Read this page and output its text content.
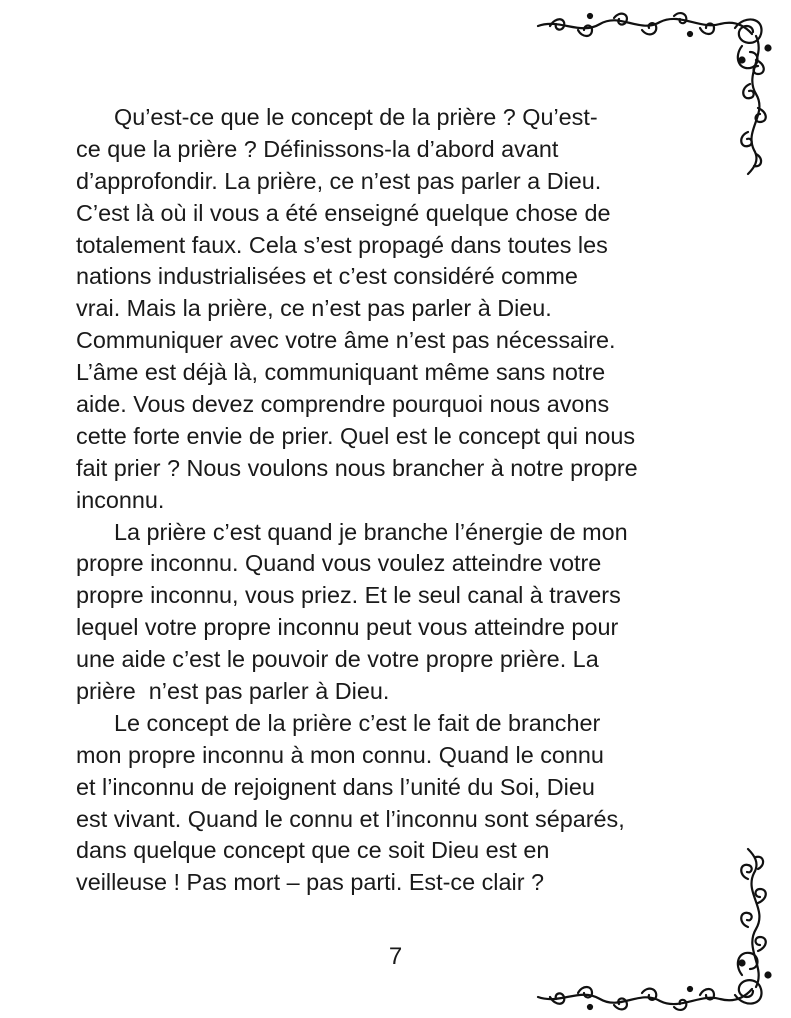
Qu’est-ce que le concept de la prière ? Qu’est-
ce que la prière ? Définissons-la d’abord avant
d’approfondir. La prière, ce n’est pas parler a Dieu.
C’est là où il vous a été enseigné quelque chose de
totalement faux. Cela s’est propagé dans toutes les
nations industrialisées et c’est considéré comme
vrai. Mais la prière, ce n’est pas parler à Dieu.
Communiquer avec votre âme n’est pas nécessaire.
L’âme est déjà là, communiquant même sans notre
aide. Vous devez comprendre pourquoi nous avons
cette forte envie de prier. Quel est le concept qui nous
fait prier ? Nous voulons nous brancher à notre propre
inconnu.
La prière c’est quand je branche l’énergie de mon
propre inconnu. Quand vous voulez atteindre votre
propre inconnu, vous priez. Et le seul canal à travers
lequel votre propre inconnu peut vous atteindre pour
une aide c’est le pouvoir de votre propre prière. La
prière  n’est pas parler à Dieu.
Le concept de la prière c’est le fait de brancher
mon propre inconnu à mon connu. Quand le connu
et l’inconnu de rejoignent dans l’unité du Soi, Dieu
est vivant. Quand le connu et l’inconnu sont séparés,
dans quelque concept que ce soit Dieu est en
veilleuse ! Pas mort – pas parti. Est-ce clair ?
7
